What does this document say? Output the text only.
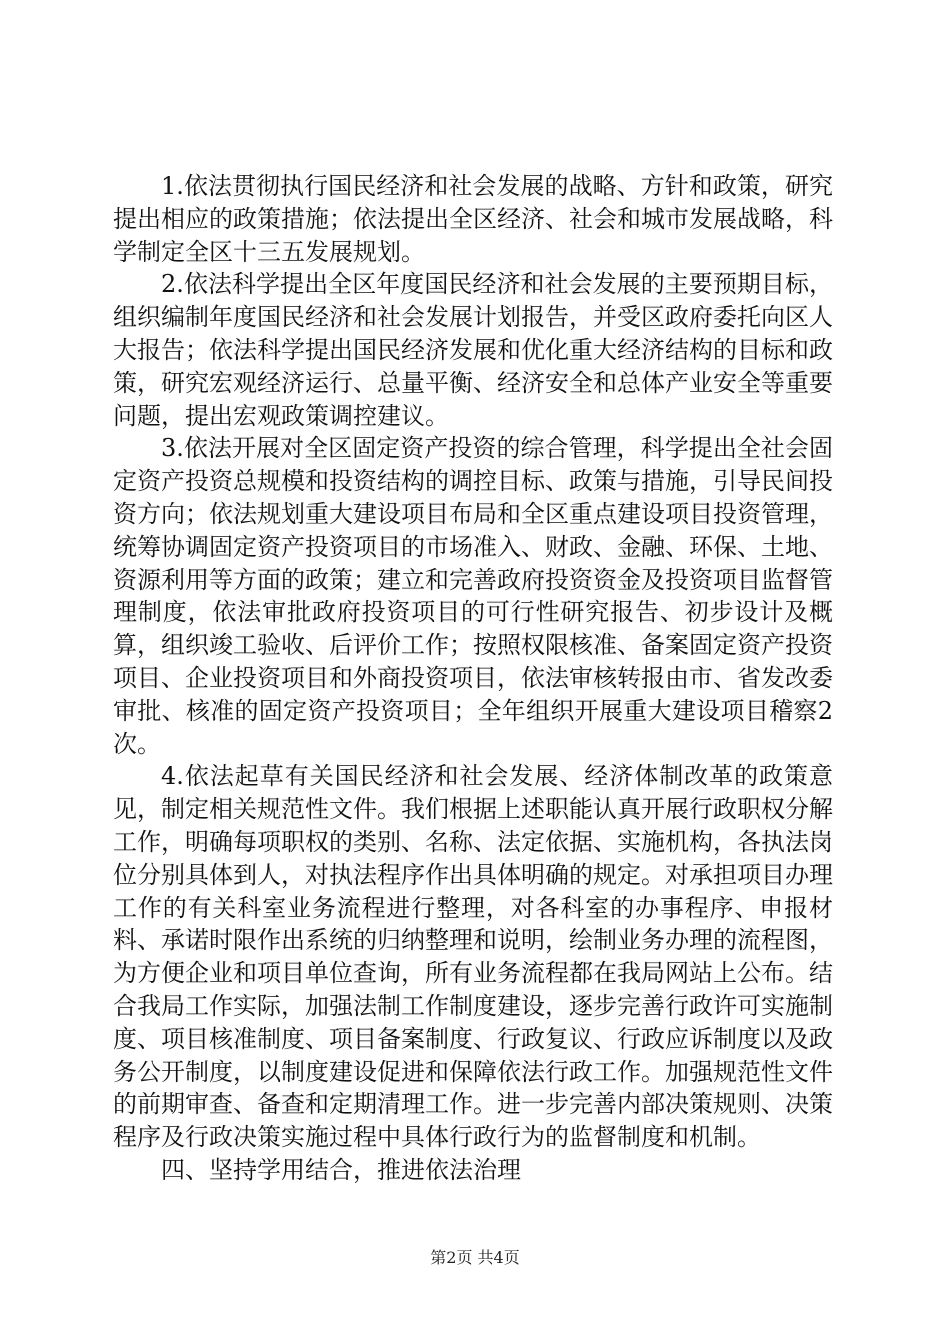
1.依法贯彻执行国民经济和社会发展的战略、方针和政策，研究提出相应的政策措施；依法提出全区经济、社会和城市发展战略，科学制定全区十三五发展规划。

2.依法科学提出全区年度国民经济和社会发展的主要预期目标，组织编制年度国民经济和社会发展计划报告，并受区政府委托向区人大报告；依法科学提出国民经济发展和优化重大经济结构的目标和政策，研究宏观经济运行、总量平衡、经济安全和总体产业安全等重要问题，提出宏观政策调控建议。

3.依法开展对全区固定资产投资的综合管理，科学提出全社会固定资产投资总规模和投资结构的调控目标、政策与措施，引导民间投资方向；依法规划重大建设项目布局和全区重点建设项目投资管理，统筹协调固定资产投资项目的市场准入、财政、金融、环保、土地、资源利用等方面的政策；建立和完善政府投资资金及投资项目监督管理制度，依法审批政府投资项目的可行性研究报告、初步设计及概算，组织竣工验收、后评价工作；按照权限核准、备案固定资产投资项目、企业投资项目和外商投资项目，依法审核转报由市、省发改委审批、核准的固定资产投资项目；全年组织开展重大建设项目稽察2次。

4.依法起草有关国民经济和社会发展、经济体制改革的政策意见，制定相关规范性文件。我们根据上述职能认真开展行政职权分解工作，明确每项职权的类别、名称、法定依据、实施机构，各执法岗位分别具体到人，对执法程序作出具体明确的规定。对承担项目办理工作的有关科室业务流程进行整理，对各科室的办事程序、申报材料、承诺时限作出系统的归纳整理和说明，绘制业务办理的流程图，为方便企业和项目单位查询，所有业务流程都在我局网站上公布。结合我局工作实际，加强法制工作制度建设，逐步完善行政许可实施制度、项目核准制度、项目备案制度、行政复议、行政应诉制度以及政务公开制度，以制度建设促进和保障依法行政工作。加强规范性文件的前期审查、备查和定期清理工作。进一步完善内部决策规则、决策程序及行政决策实施过程中具体行政行为的监督制度和机制。

四、坚持学用结合，推进依法治理

第2页 共4页
